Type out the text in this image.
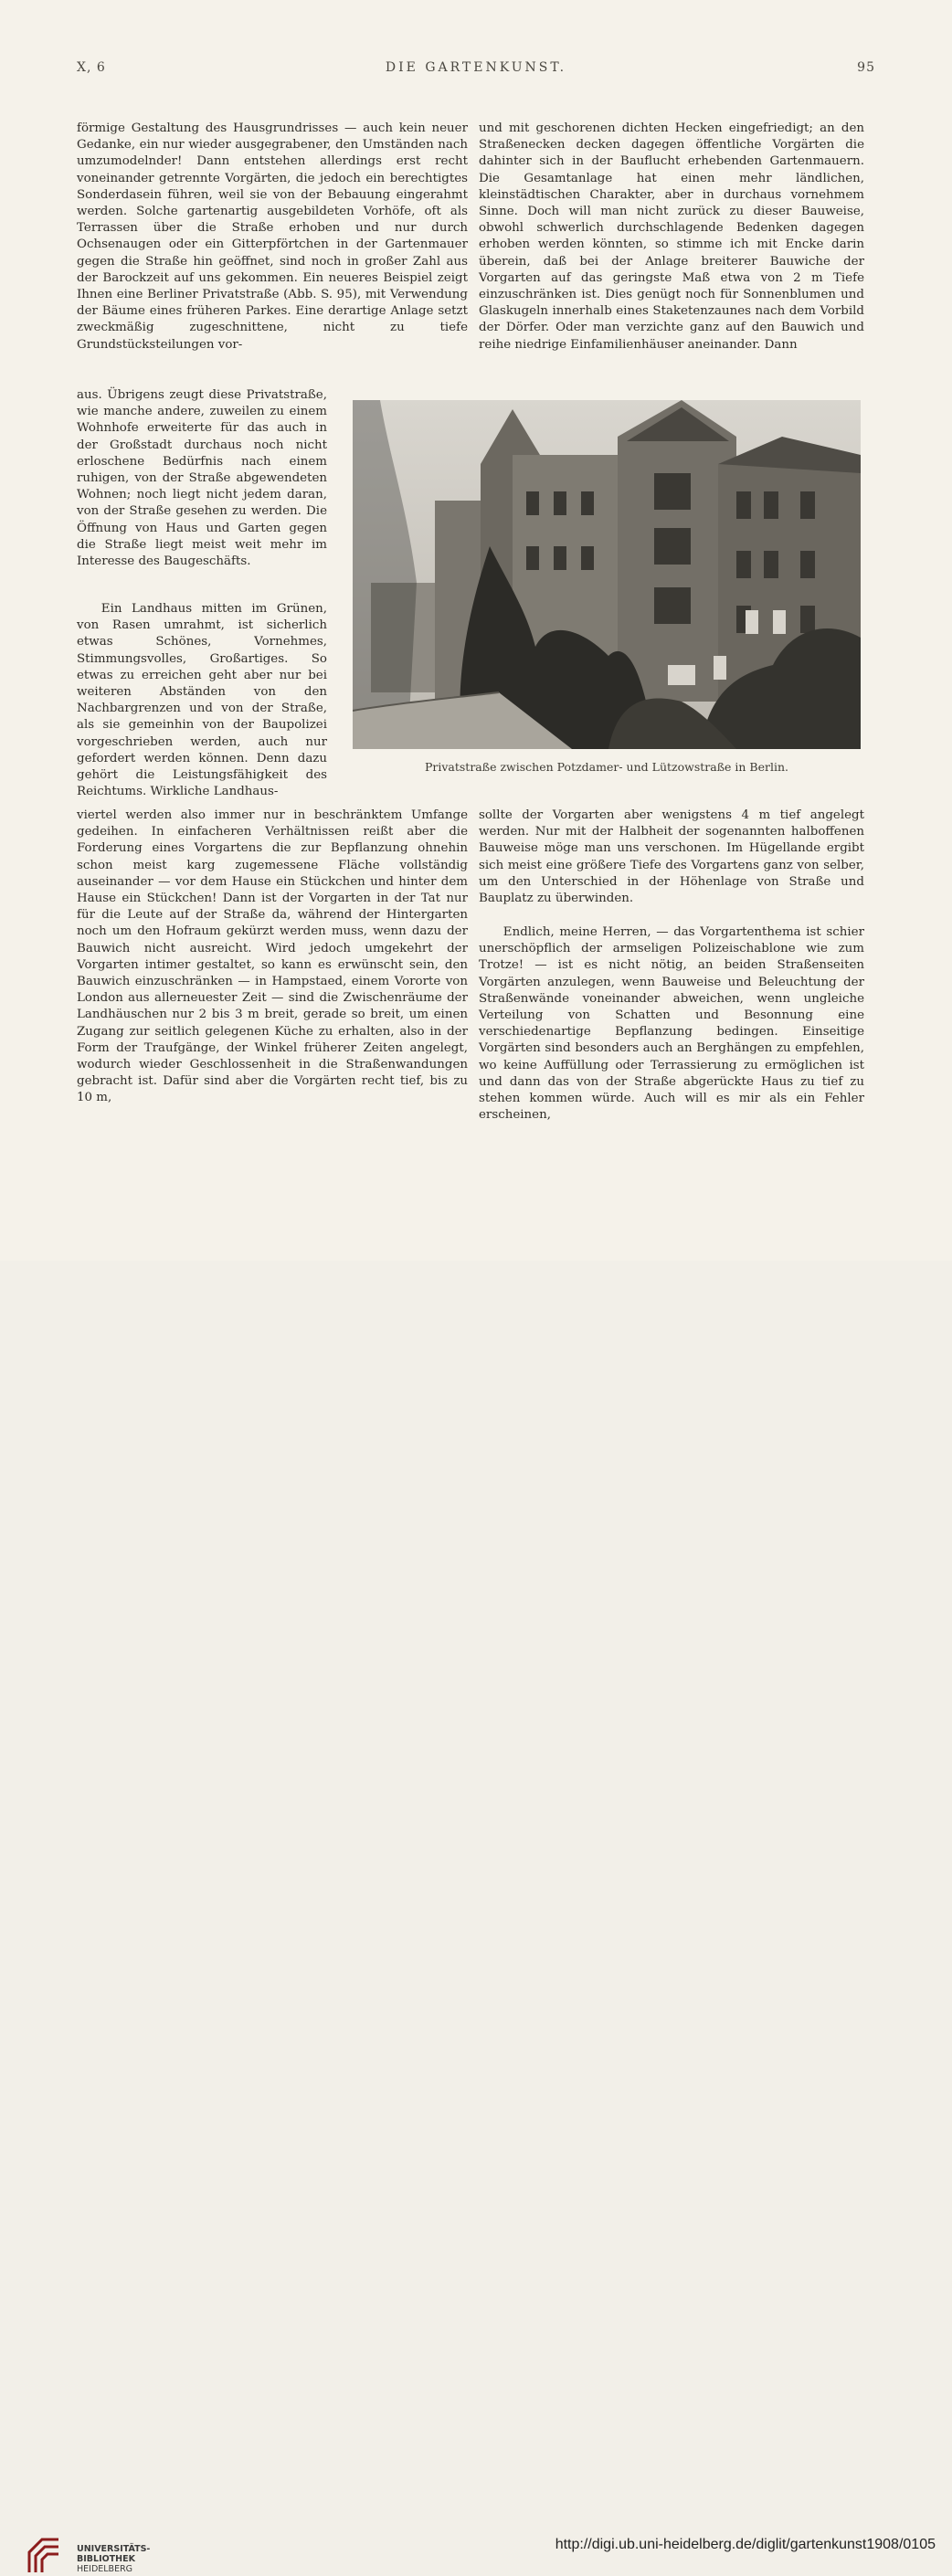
X, 6	DIE GARTENKUNST.	95

förmige Gestaltung des Hausgrundrisses — auch kein neuer Gedanke, ein nur wieder ausgegrabener, den Umständen nach umzumodelnder! Dann entstehen allerdings erst recht voneinander getrennte Vorgärten, die jedoch ein berechtigtes Sonderdasein führen, weil sie von der Bebauung eingerahmt werden. Solche gartenartig ausgebildeten Vorhöfe, oft als Terrassen über die Straße erhoben und nur durch Ochsenaugen oder ein Gitterpförtchen in der Gartenmauer gegen die Straße hin geöffnet, sind noch in großer Zahl aus der Barockzeit auf uns gekommen. Ein neueres Beispiel zeigt Ihnen eine Berliner Privatstraße (Abb. S. 95), mit Verwendung der Bäume eines früheren Parkes. Eine derartige Anlage setzt zweckmäßig zugeschnittene, nicht zu tiefe Grundstücksteilungen vor-

aus. Übrigens zeugt diese Privatstraße, wie manche andere, zuweilen zu einem Wohnhofe erweiterte für das auch in der Großstadt durchaus noch nicht erloschene Bedürfnis nach einem ruhigen, von der Straße abgewendeten Wohnen; noch liegt nicht jedem daran, von der Straße gesehen zu werden. Die Öffnung von Haus und Garten gegen die Straße liegt meist weit mehr im Interesse des Baugeschäfts.

Ein Landhaus mitten im Grünen, von Rasen umrahmt, ist sicherlich etwas Schönes, Vornehmes, Stimmungsvolles, Großartiges. So etwas zu erreichen geht aber nur bei weiteren Abständen von den Nachbargrenzen und von der Straße, als sie gemeinhin von der Baupolizei vorgeschrieben werden, auch nur gefordert werden können. Denn dazu gehört die Leistungsfähigkeit des Reichtums. Wirkliche Landhaus-

viertel werden also immer nur in beschränktem Umfange gedeihen. In einfacheren Verhältnissen reißt aber die Forderung eines Vorgartens die zur Bepflanzung ohnehin schon meist karg zugemessene Fläche vollständig auseinander — vor dem Hause ein Stückchen und hinter dem Hause ein Stückchen! Dann ist der Vorgarten in der Tat nur für die Leute auf der Straße da, während der Hintergarten noch um den Hofraum gekürzt werden muss, wenn dazu der Bauwich nicht ausreicht. Wird jedoch umgekehrt der Vorgarten intimer gestaltet, so kann es erwünscht sein, den Bauwich einzuschränken — in Hampstaed, einem Vororte von London aus allerneuester Zeit — sind die Zwischenräume der Landhäuschen nur 2 bis 3 m breit, gerade so breit, um einen Zugang zur seitlich gelegenen Küche zu erhalten, also in der Form der Traufgänge, der Winkel früherer Zeiten angelegt, wodurch wieder Geschlossenheit in die Straßenwandungen gebracht ist. Dafür sind aber die Vorgärten recht tief, bis zu 10 m,

und mit geschorenen dichten Hecken eingefriedigt; an den Straßenecken decken dagegen öffentliche Vorgärten die dahinter sich in der Bauflucht erhebenden Gartenmauern. Die Gesamtanlage hat einen mehr ländlichen, kleinstädtischen Charakter, aber in durchaus vornehmem Sinne. Doch will man nicht zurück zu dieser Bauweise, obwohl schwerlich durchschlagende Bedenken dagegen erhoben werden könnten, so stimme ich mit Encke darin überein, daß bei der Anlage breiterer Bauwiche der Vorgarten auf das geringste Maß etwa von 2 m Tiefe einzuschränken ist. Dies genügt noch für Sonnenblumen und Glaskugeln innerhalb eines Staketenzaunes nach dem Vorbild der Dörfer. Oder man verzichte ganz auf den Bauwich und reihe niedrige Einfamilienhäuser aneinander. Dann

sollte der Vorgarten aber wenigstens 4 m tief angelegt werden. Nur mit der Halbheit der sogenannten halboffenen Bauweise möge man uns verschonen. Im Hügellande ergibt sich meist eine größere Tiefe des Vorgartens ganz von selber, um den Unterschied in der Höhenlage von Straße und Bauplatz zu überwinden.

Endlich, meine Herren, — das Vorgartenthema ist schier unerschöpflich der armseligen Polizeischablone wie zum Trotze! — ist es nicht nötig, an beiden Straßenseiten Vorgärten anzulegen, wenn Bauweise und Beleuchtung der Straßenwände voneinander abweichen, wenn ungleiche Verteilung von Schatten und Besonnung eine verschiedenartige Bepflanzung bedingen. Einseitige Vorgärten sind besonders auch an Berghängen zu empfehlen, wo keine Auffüllung oder Terrassierung zu ermöglichen ist und dann das von der Straße abgerückte Haus zu tief zu stehen kommen würde. Auch will es mir als ein Fehler erscheinen,

Privatstraße zwischen Potzdamer- und Lützowstraße in Berlin.
UNIVERSITÄTS-
BIBLIOTHEK
HEIDELBERG
http://digi.ub.uni-heidelberg.de/diglit/gartenkunst1908/0105
